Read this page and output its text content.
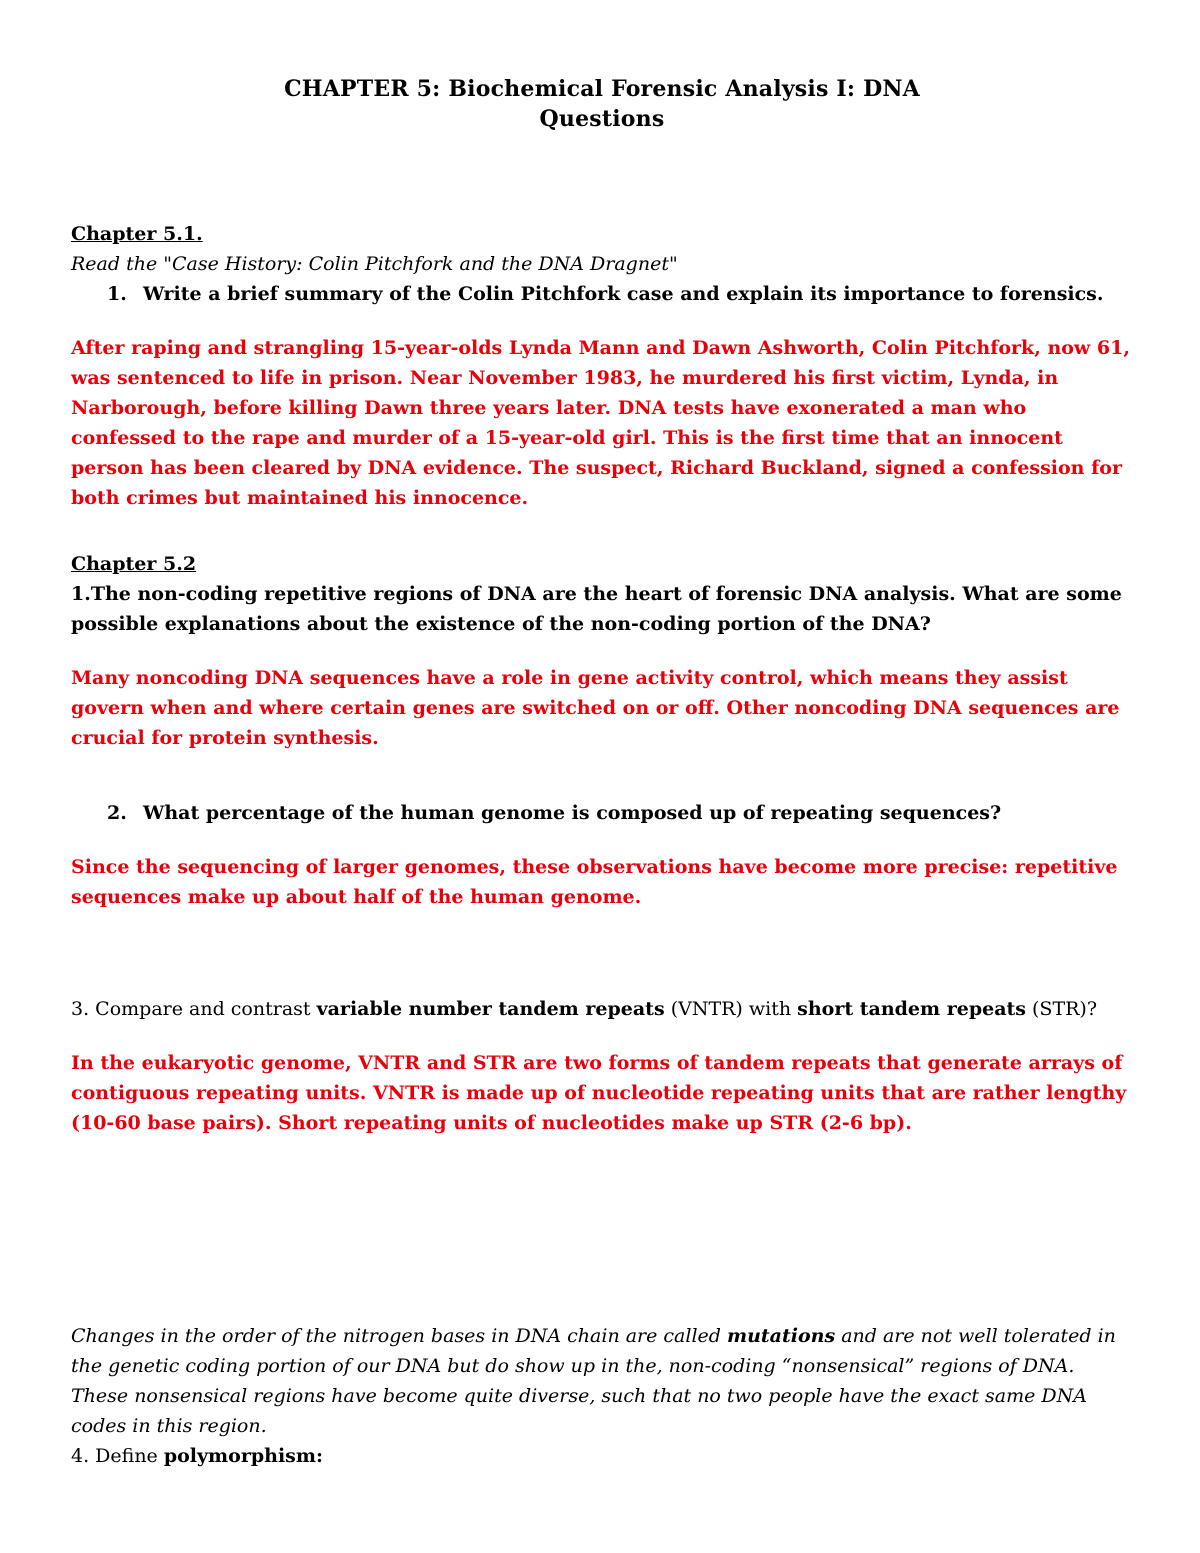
CHAPTER 5: Biochemical Forensic Analysis I: DNA
Questions
Chapter 5.1.
Read the "Case History: Colin Pitchfork and the DNA Dragnet"
1. Write a brief summary of the Colin Pitchfork case and explain its importance to forensics.
After raping and strangling 15-year-olds Lynda Mann and Dawn Ashworth, Colin Pitchfork, now 61, was sentenced to life in prison. Near November 1983, he murdered his first victim, Lynda, in Narborough, before killing Dawn three years later. DNA tests have exonerated a man who confessed to the rape and murder of a 15-year-old girl. This is the first time that an innocent person has been cleared by DNA evidence. The suspect, Richard Buckland, signed a confession for both crimes but maintained his innocence.
Chapter 5.2
1.The non-coding repetitive regions of DNA are the heart of forensic DNA analysis. What are some possible explanations about the existence of the non-coding portion of the DNA?
Many noncoding DNA sequences have a role in gene activity control, which means they assist govern when and where certain genes are switched on or off. Other noncoding DNA sequences are crucial for protein synthesis.
2. What percentage of the human genome is composed up of repeating sequences?
Since the sequencing of larger genomes, these observations have become more precise: repetitive sequences make up about half of the human genome.
3. Compare and contrast variable number tandem repeats (VNTR) with short tandem repeats (STR)?
In the eukaryotic genome, VNTR and STR are two forms of tandem repeats that generate arrays of contiguous repeating units. VNTR is made up of nucleotide repeating units that are rather lengthy (10-60 base pairs). Short repeating units of nucleotides make up STR (2-6 bp).
Changes in the order of the nitrogen bases in DNA chain are called mutations and are not well tolerated in the genetic coding portion of our DNA but do show up in the, non-coding “nonsensical” regions of DNA. These nonsensical regions have become quite diverse, such that no two people have the exact same DNA codes in this region.
4. Define polymorphism:
